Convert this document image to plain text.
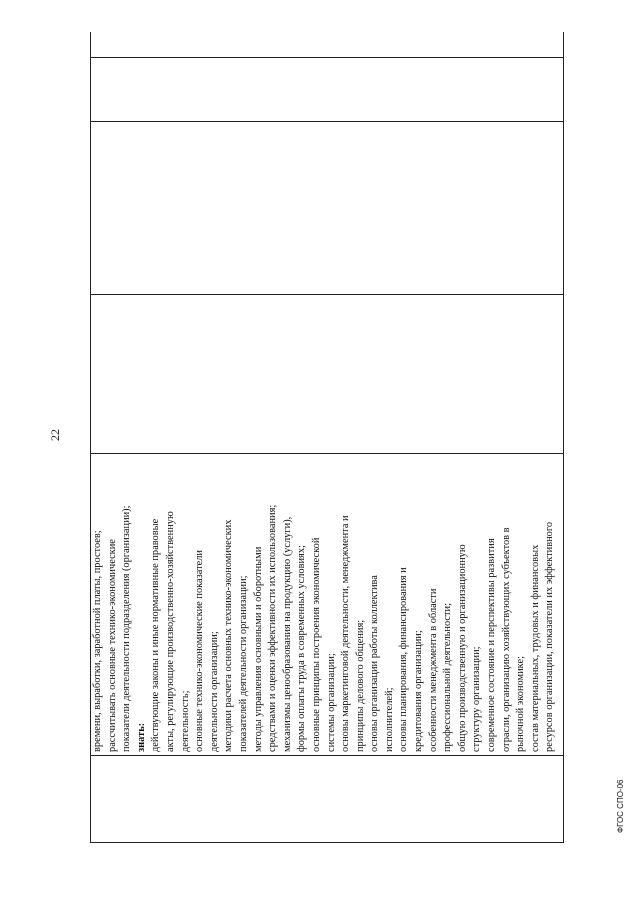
времени, выработки, заработной платы, простоев; рассчитывать основные технико-экономические показатели деятельности подразделения (организации); знать: действующие законы и иные нормативные правовые акты, регулирующие производственно-хозяйственную деятельность; основные технико-экономические показатели деятельности организации; методики расчета основных технико-экономических показателей деятельности организации; методы управления основными и оборотными средствами и оценки эффективности их использования; механизмы ценообразования на продукцию (услуги), формы оплаты труда в современных условиях; основные принципы построения экономической системы организации; основы маркетинговой деятельности, менеджмента и принципы делового общения; основы организации работы коллектива исполнителей; основы планирования, финансирования и кредитования организации; особенности менеджмента в области профессиональной деятельности; общую производственную и организационную структуру организации; современное состояние и перспективы развития отрасли, организацию хозяйствующих субъектов в рыночной экономике; состав материальных, трудовых и финансовых ресурсов организации, показатели их эффективного

22
ФГОС СПО-06
